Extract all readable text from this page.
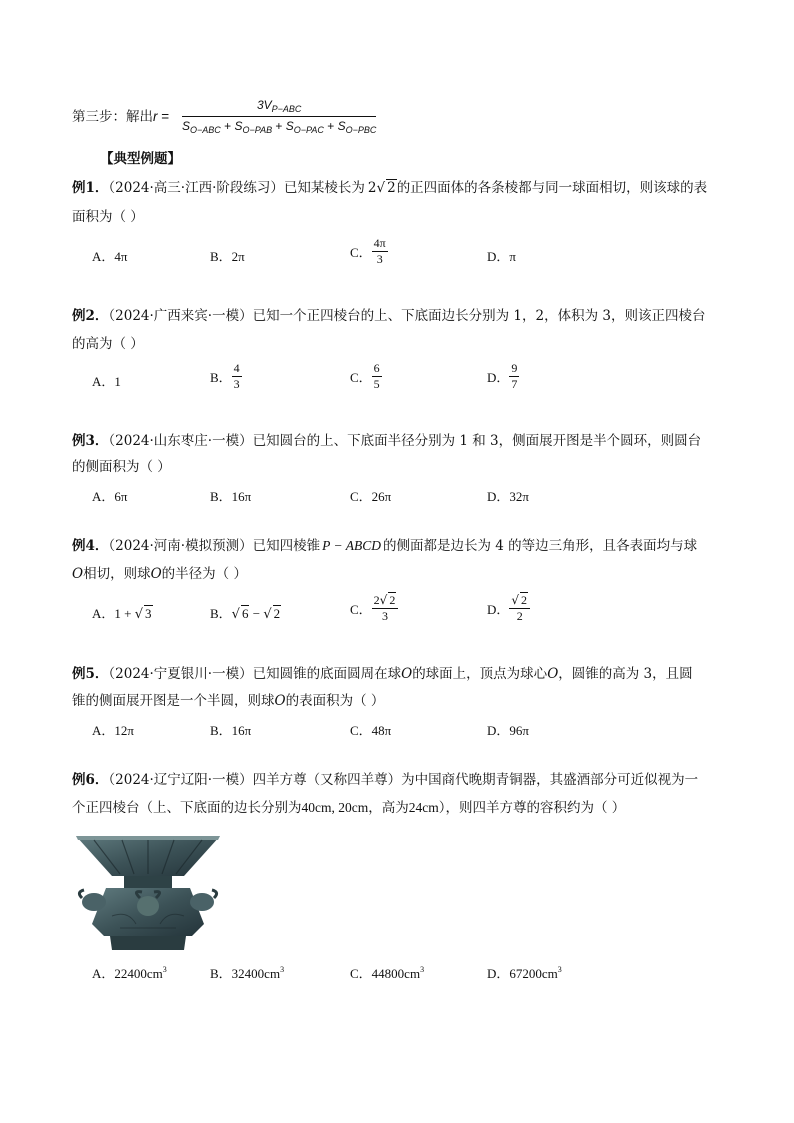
第三步：解出$r = \frac{3V_{P-ABC}}{S_{O-ABC} + S_{O-PAB} + S_{O-PAC} + S_{O-PBC}}$
【典型例题】
例1．（2024·高三·江西·阶段练习）已知某棱长为 2√ 2的正四面体的各条棱都与同一球面相切，则该球的表
面积为（ ）
A．4π	B．2π	C． $\frac{4\pi}{3}$	D．π
例2．（2024·广西来宾·一模）已知一个正四棱台的上、下底面边长分别为 1，2，体积为 3，则该正四棱台
的高为（ ）
A．1	B． $\frac{4}{3}$	C． $\frac{6}{5}$	D． $\frac{9}{7}$
例3．（2024·山东枣庄·一模）已知圆台的上、下底面半径分别为 1 和 3，侧面展开图是半个圆环，则圆台
的侧面积为（ ）
A．6π	B．16π	C．26π	D．32π
例4．（2024·河南·模拟预测）已知四棱锥 P − ABCD 的侧面都是边长为 4 的等边三角形，且各表面均与球
O相切，则球O的半径为（ ）
A．1 + √ 3	B．√ 6 − √ 2	C． $\frac{2√ 2}{3}$	D． $\frac{√ 2}{2}$
例5．（2024·宁夏银川·一模）已知圆锥的底面圆周在球O的球面上，顶点为球心O，圆锥的高为 3，且圆
锥的侧面展开图是一个半圆，则球O的表面积为（ ）
A．12π	B．16π	C．48π	D．96π
例6．（2024·辽宁辽阳·一模）四羊方尊（又称四羊尊）为中国商代晚期青铜器，其盛酒部分可近似视为一
个正四棱台（上、下底面的边长分别为40cm, 20cm，高为24cm），则四羊方尊的容积约为（ ）
A．$22400cm^3$	B．$32400cm^3$	C．$44800cm^3$	D．$67200cm^3$
